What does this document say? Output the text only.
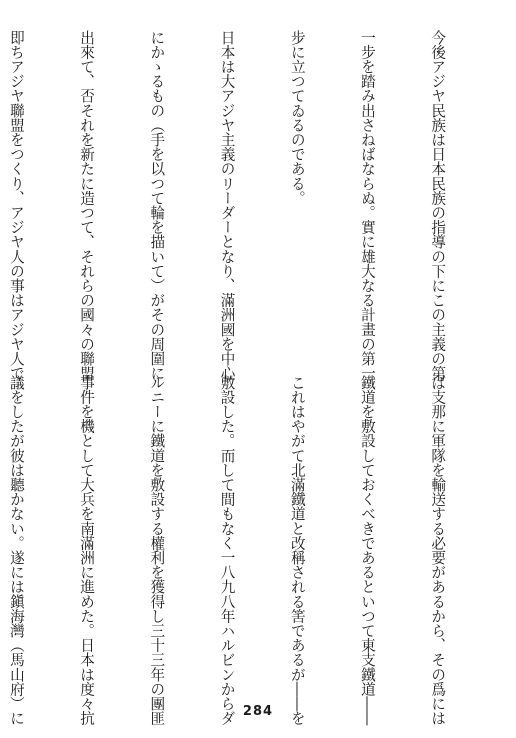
今後アジヤ民族は日本民族の指導の下にこの主義の第

一步を踏み出さねばならぬ。實に雄大なる計畫の第一

步に立つてゐるのである。

日本は大アジヤ主義のリーダーとなり、滿洲國を中心

にかゝるもの（手を以つて輪を描いて）がその周圍に

出來て、否それを新たに造つて、それらの國々の聯盟

即ちアジヤ聯盟をつくり、アジヤ人の事はアジヤ人で

ば支那に軍隊を輸送する必要があるから、その爲には

鐵道を敷設しておくべきであるといつて東支鐵道――

これはやがて北滿鐵道と改稱される筈であるが――を

敷設した。而して間もなく一八九八年ハルビンからダ

ルニーに鐵道を敷設する權利を獲得し三十三年の團匪

事件を機として大兵を南滿洲に進めた。日本は度々抗

議をしたが彼は聽かない。遂には鎭海灣（馬山府）に

	284
